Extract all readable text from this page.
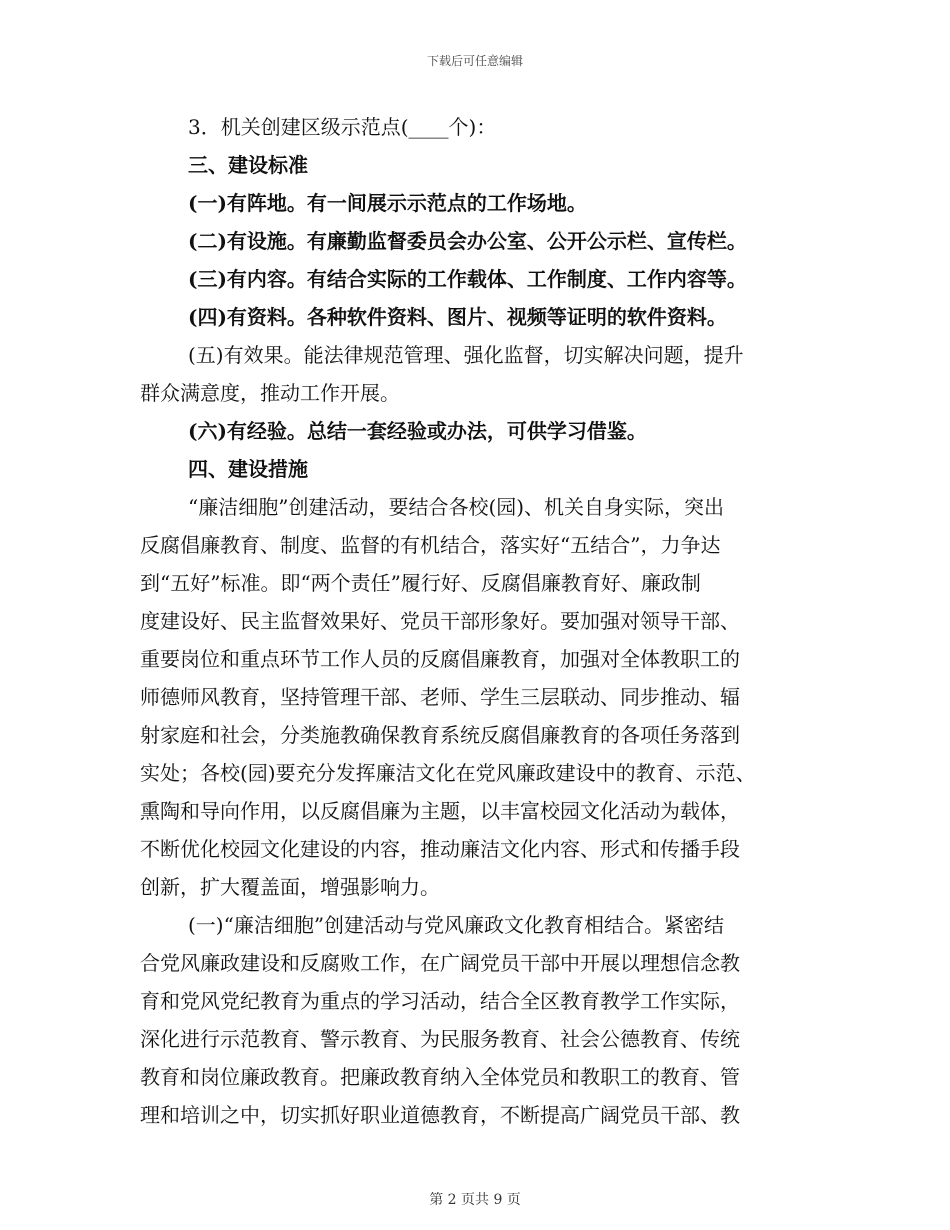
下载后可任意编辑

3．机关创建区级示范点(____个)：

三、建设标准

(一)有阵地。有一间展示示范点的工作场地。

(二)有设施。有廉勤监督委员会办公室、公开公示栏、宣传栏。

(三)有内容。有结合实际的工作载体、工作制度、工作内容等。

(四)有资料。各种软件资料、图片、视频等证明的软件资料。

(五)有效果。能法律规范管理、强化监督，切实解决问题，提升

群众满意度，推动工作开展。

(六)有经验。总结一套经验或办法，可供学习借鉴。

四、建设措施

“廉洁细胞”创建活动，要结合各校(园)、机关自身实际，突出

反腐倡廉教育、制度、监督的有机结合，落实好“五结合”，力争达

到“五好”标准。即“两个责任”履行好、反腐倡廉教育好、廉政制

度建设好、民主监督效果好、党员干部形象好。要加强对领导干部、

重要岗位和重点环节工作人员的反腐倡廉教育，加强对全体教职工的

师德师风教育，坚持管理干部、老师、学生三层联动、同步推动、辐

射家庭和社会，分类施教确保教育系统反腐倡廉教育的各项任务落到

实处；各校(园)要充分发挥廉洁文化在党风廉政建设中的教育、示范、

熏陶和导向作用，以反腐倡廉为主题，以丰富校园文化活动为载体，

不断优化校园文化建设的内容，推动廉洁文化内容、形式和传播手段

创新，扩大覆盖面，增强影响力。

(一)“廉洁细胞”创建活动与党风廉政文化教育相结合。紧密结

合党风廉政建设和反腐败工作，在广阔党员干部中开展以理想信念教

育和党风党纪教育为重点的学习活动，结合全区教育教学工作实际，

深化进行示范教育、警示教育、为民服务教育、社会公德教育、传统

教育和岗位廉政教育。把廉政教育纳入全体党员和教职工的教育、管

理和培训之中，切实抓好职业道德教育，不断提高广阔党员干部、教

第 2 页共 9 页
